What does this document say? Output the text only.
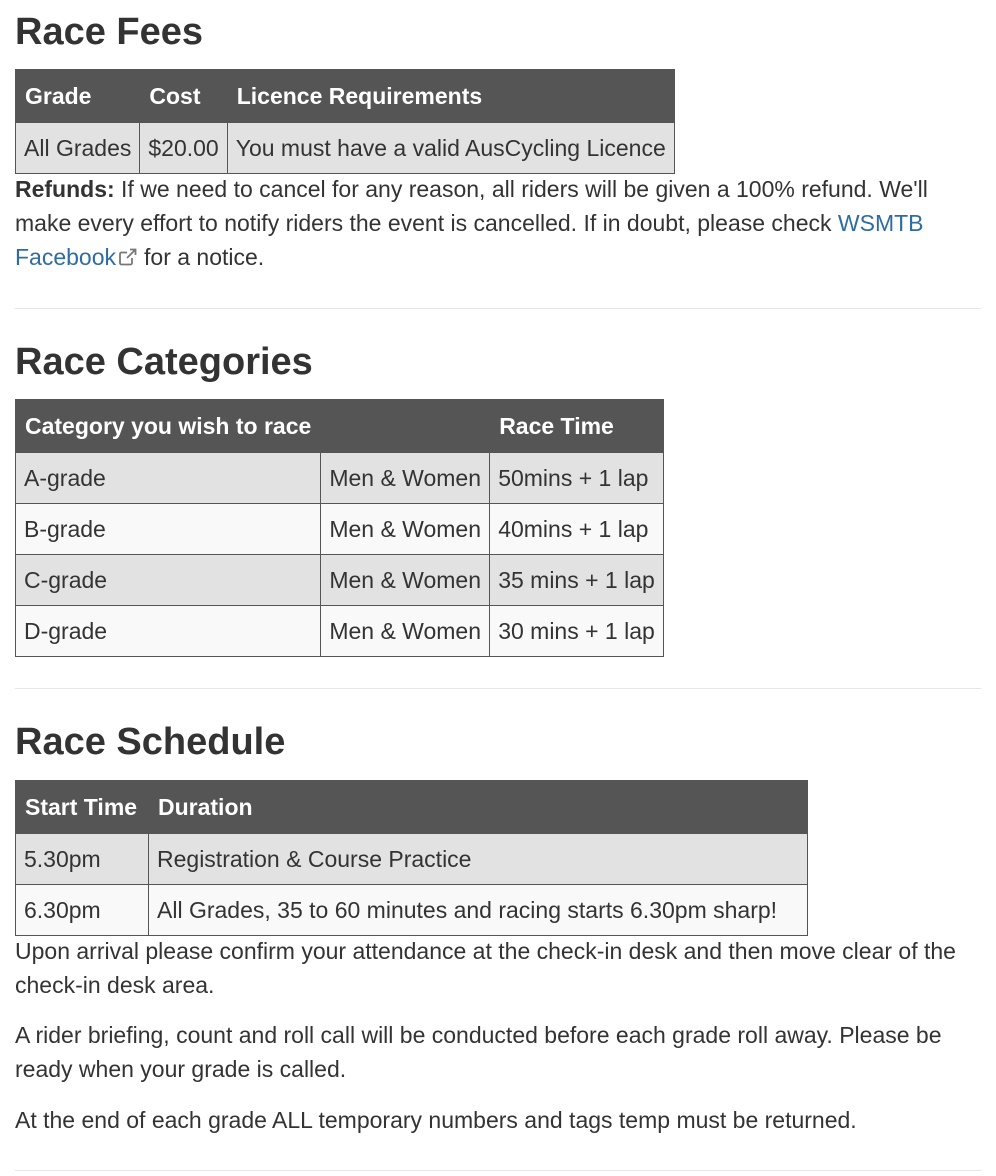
Race Fees
Grade	Cost	Licence Requirements
All Grades	$20.00	You must have a valid AusCycling Licence

Refunds: If we need to cancel for any reason, all riders will be given a 100% refund. We'll make every effort to notify riders the event is cancelled. If in doubt, please check WSMTB Facebook for a notice.

Race Categories
Category you wish to race		Race Time
A-grade	Men & Women	50mins + 1 lap
B-grade	Men & Women	40mins + 1 lap
C-grade	Men & Women	35 mins + 1 lap
D-grade	Men & Women	30 mins + 1 lap
Race Schedule
Start Time	Duration
5.30pm	Registration & Course Practice
6.30pm	All Grades, 35 to 60 minutes and racing starts 6.30pm sharp!

Upon arrival please confirm your attendance at the check-in desk and then move clear of the check-in desk area.

A rider briefing, count and roll call will be conducted before each grade roll away. Please be ready when your grade is called.

At the end of each grade ALL temporary numbers and tags temp must be returned.
